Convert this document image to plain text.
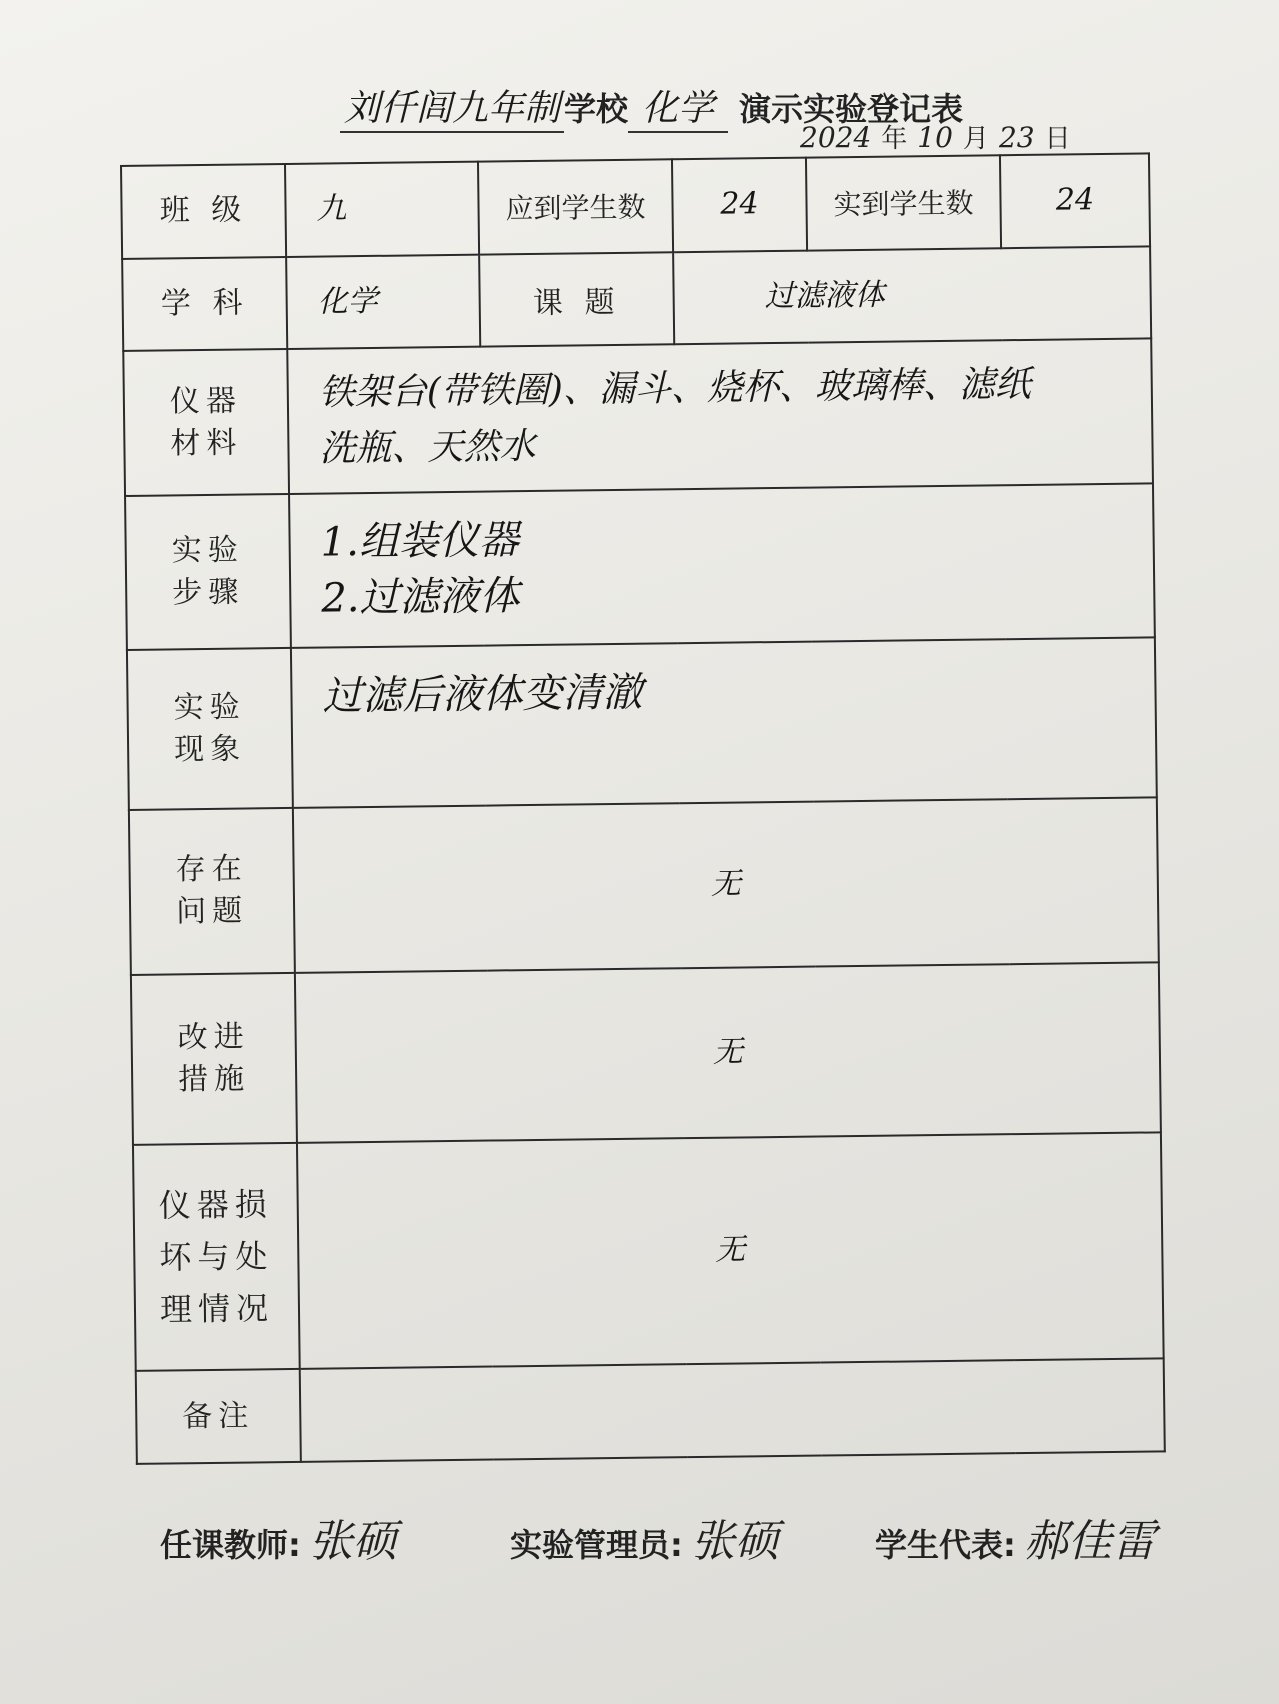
刘仟闾九年制 学校 化学 演示实验登记表
2024 年 10 月 23 日
班 级	九	应到学生数	24	实到学生数	24
学 科	化学	课 题	过滤液体		

仪器材料	铁架台(带铁圈)、漏斗、烧杯、玻璃棒、滤纸
洗瓶、天然水				

实验步骤	1.组装仪器
2.过滤液体				

实验现象	过滤后液体变清澈				

存在问题	无				

改进措施	无				

仪器损坏与处理情况	无				
备注					
任课教师: 张硕	实验管理员: 张硕	学生代表: 郝佳雷
